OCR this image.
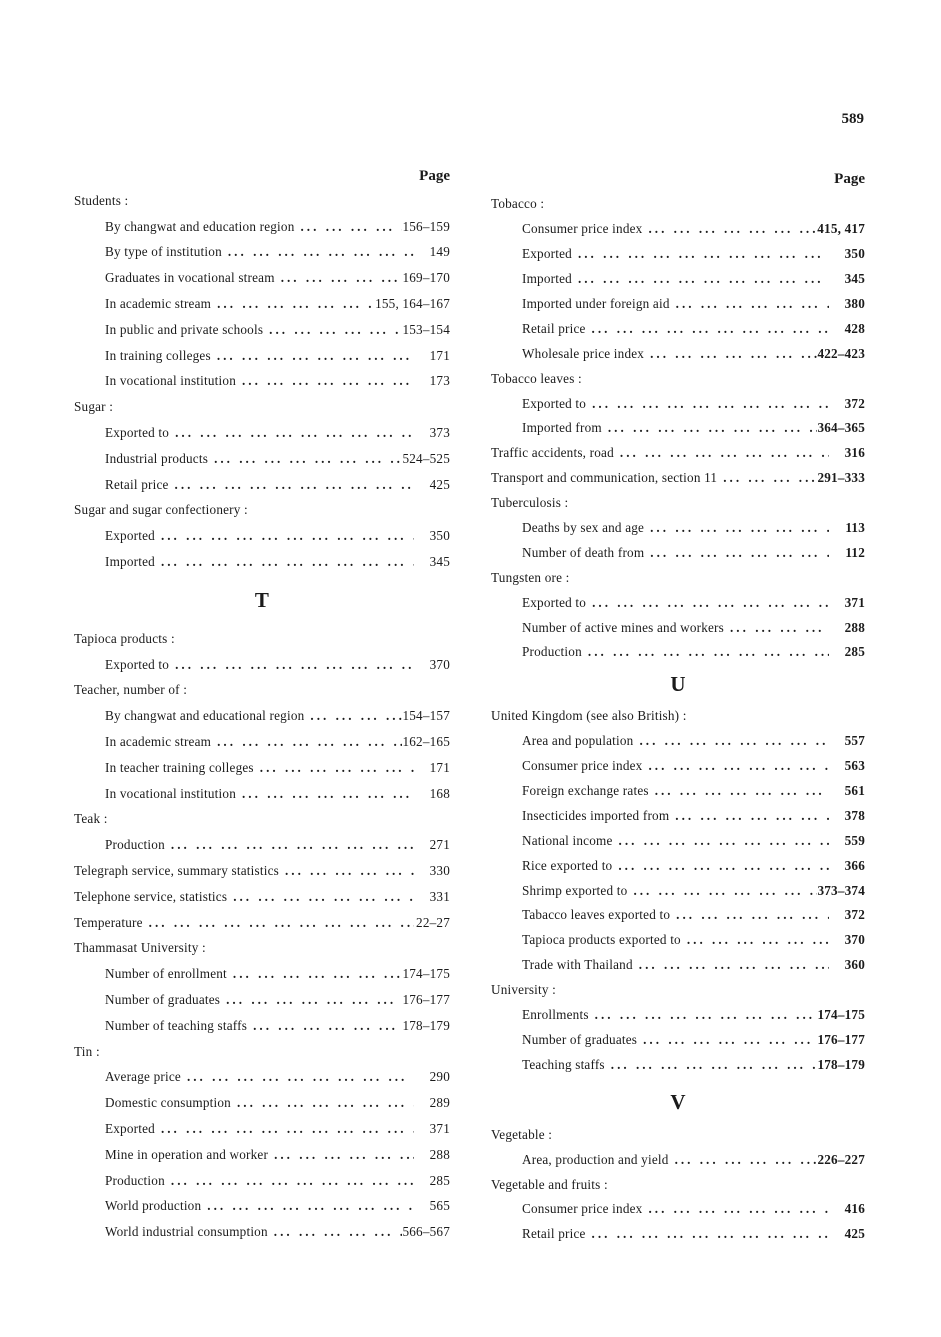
589
Page
Students :
By changwat and education region ... .	156–159
By type of institution ... .	149
Graduates in vocational stream ... .	169–170
In academic stream ... .	155, 164–167
In public and private schools ... .	153–154
In training colleges ... .	171
In vocational institution ... .	173
Sugar :
Exported to ... .	373
Industrial products ... .	524–525
Retail price ... .	425
Sugar and sugar confectionery :
Exported ... .	350
Imported ... .	345
T
Tapioca products :
Exported to ... .	370
Teacher, number of :
By changwat and educational region ... .	154–157
In academic stream ... .	162–165
In teacher training colleges ... .	171
In vocational institution ... .	168
Teak :
Production ... .	271
Telegraph service, summary statistics ... .	330
Telephone service, statistics ... .	331
Temperature ... .	22–27
Thammasat University :
Number of enrollment ... .	174–175
Number of graduates ... .	176–177
Number of teaching staffs ... .	178–179
Tin :
Average price ... .	290
Domestic consumption ... .	289
Exported ... .	371
Mine in operation and worker ... .	288
Production ... .	285
World production ... .	565
World industrial consumption ... .	566–567
Page
Tobacco :
Consumer price index ... .	415, 417
Exported ... .	350
Imported ... .	345
Imported under foreign aid ... .	380
Retail price ... .	428
Wholesale price index ... .	422–423
Tobacco leaves :
Exported to ... .	372
Imported from ... .	364–365
Traffic accidents, road ... .	316
Transport and communication, section 11 ... .	291–333
Tuberculosis :
Deaths by sex and age ... .	113
Number of death from ... .	112
Tungsten ore :
Exported to ... .	371
Number of active mines and workers ... .	288
Production ... .	285
U
United Kingdom (see also British) :
Area and population ... .	557
Consumer price index ... .	563
Foreign exchange rates ... .	561
Insecticides imported from ... .	378
National income ... .	559
Rice exported to ... .	366
Shrimp exported to ... .	373–374
Tabacco leaves exported to ... .	372
Tapioca products exported to ... .	370
Trade with Thailand ... .	360
University :
Enrollments ... .	174–175
Number of graduates ... .	176–177
Teaching staffs ... .	178–179
V
Vegetable :
Area, production and yield ... .	226–227
Vegetable and fruits :
Consumer price index ... .	416
Retail price ... .	425
